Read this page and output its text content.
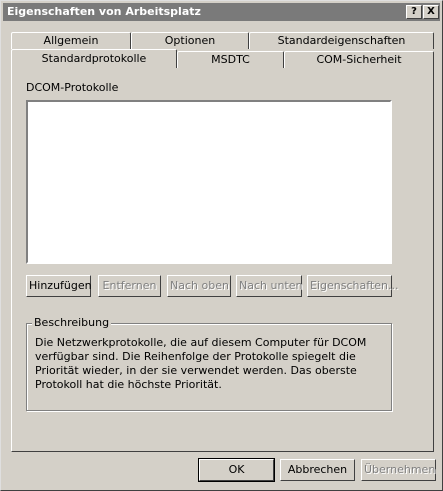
Eigenschaften von Arbeitsplatz	?	X
Allgemein	Optionen	Standardeigenschaften
Standardprotokolle	MSDTC	COM-Sicherheit
DCOM-Protokolle
Hinzufügen Entfernen	Nach oben Nach unten Eigenschaften...
Beschreibung
Die Netzwerkprotokolle, die auf diesem Computer für DCOM verfügbar sind. Die Reihenfolge der Protokolle spiegelt die Priorität wieder, in der sie verwendet werden. Das oberste Protokoll hat die höchste Priorität.
OK	Abbrechen	Übernehmen
